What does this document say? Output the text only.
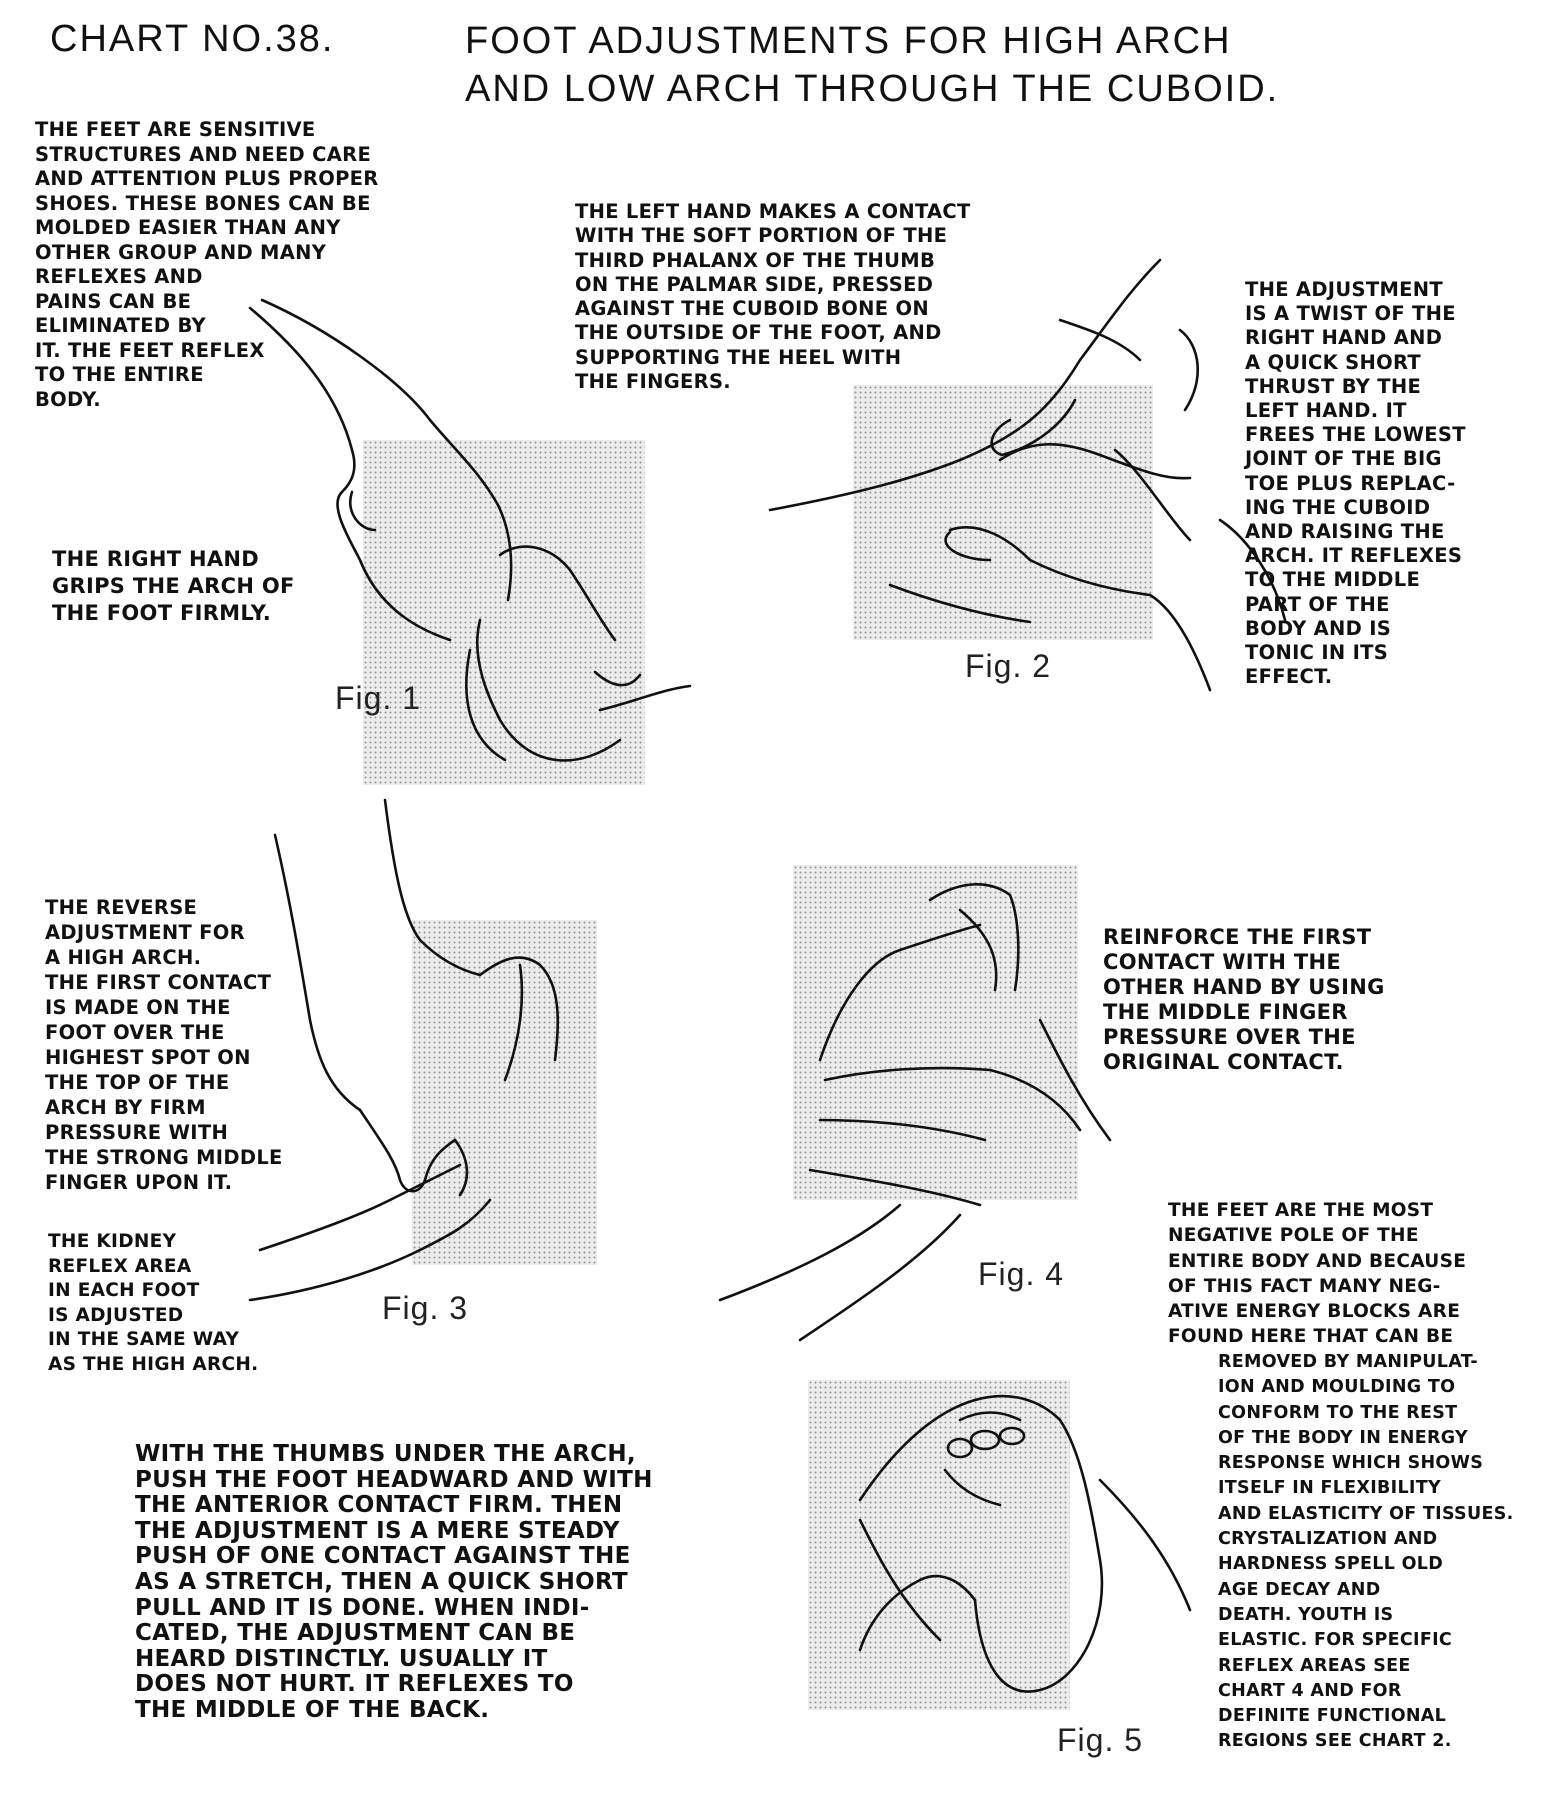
CHART NO.38.	FOOT ADJUSTMENTS FOR HIGH ARCH
AND LOW ARCH THROUGH THE CUBOID.
THE FEET ARE SENSITIVE
STRUCTURES AND NEED CARE
AND ATTENTION PLUS PROPER
SHOES. THESE BONES CAN BE
MOLDED EASIER THAN ANY
OTHER GROUP AND MANY
REFLEXES AND
PAINS CAN BE
ELIMINATED BY
IT. THE FEET REFLEX
TO THE ENTIRE
BODY.
THE LEFT HAND MAKES A CONTACT
WITH THE SOFT PORTION OF THE
THIRD PHALANX OF THE THUMB
ON THE PALMAR SIDE, PRESSED
AGAINST THE CUBOID BONE ON
THE OUTSIDE OF THE FOOT, AND
SUPPORTING THE HEEL WITH
THE FINGERS.
THE ADJUSTMENT
IS A TWIST OF THE
RIGHT HAND AND
A QUICK SHORT
THRUST BY THE
LEFT HAND. IT
FREES THE LOWEST
JOINT OF THE BIG
TOE PLUS REPLAC-
ING THE CUBOID
AND RAISING THE
ARCH. IT REFLEXES
TO THE MIDDLE
PART OF THE
BODY AND IS
TONIC IN ITS
EFFECT.
THE RIGHT HAND
GRIPS THE ARCH OF
THE FOOT FIRMLY.
THE REVERSE
ADJUSTMENT FOR
A HIGH ARCH.
THE FIRST CONTACT
IS MADE ON THE
FOOT OVER THE
HIGHEST SPOT ON
THE TOP OF THE
ARCH BY FIRM
PRESSURE WITH
THE STRONG MIDDLE
FINGER UPON IT.
THE KIDNEY
REFLEX AREA
IN EACH FOOT
IS ADJUSTED
IN THE SAME WAY
AS THE HIGH ARCH.
REINFORCE THE FIRST
CONTACT WITH THE
OTHER HAND BY USING
THE MIDDLE FINGER
PRESSURE OVER THE
ORIGINAL CONTACT.
THE FEET ARE THE MOST
NEGATIVE POLE OF THE
ENTIRE BODY AND BECAUSE
OF THIS FACT MANY NEG-
ATIVE ENERGY BLOCKS ARE
FOUND HERE THAT CAN BE
REMOVED BY MANIPULAT-
ION AND MOULDING TO
CONFORM TO THE REST
OF THE BODY IN ENERGY
RESPONSE WHICH SHOWS
ITSELF IN FLEXIBILITY
AND ELASTICITY OF TISSUES.
CRYSTALIZATION AND
HARDNESS SPELL OLD
AGE DECAY AND
DEATH. YOUTH IS
ELASTIC. FOR SPECIFIC
REFLEX AREAS SEE
CHART 4 AND FOR
DEFINITE FUNCTIONAL
REGIONS SEE CHART 2.
WITH THE THUMBS UNDER THE ARCH,
PUSH THE FOOT HEADWARD AND WITH
THE ANTERIOR CONTACT FIRM. THEN
THE ADJUSTMENT IS A MERE STEADY
PUSH OF ONE CONTACT AGAINST THE
AS A STRETCH, THEN A QUICK SHORT
PULL AND IT IS DONE. WHEN INDI-
CATED, THE ADJUSTMENT CAN BE
HEARD DISTINCTLY. USUALLY IT
DOES NOT HURT. IT REFLEXES TO
THE MIDDLE OF THE BACK.
Fig. 1
Fig. 2
Fig. 3
Fig. 4
Fig. 5
